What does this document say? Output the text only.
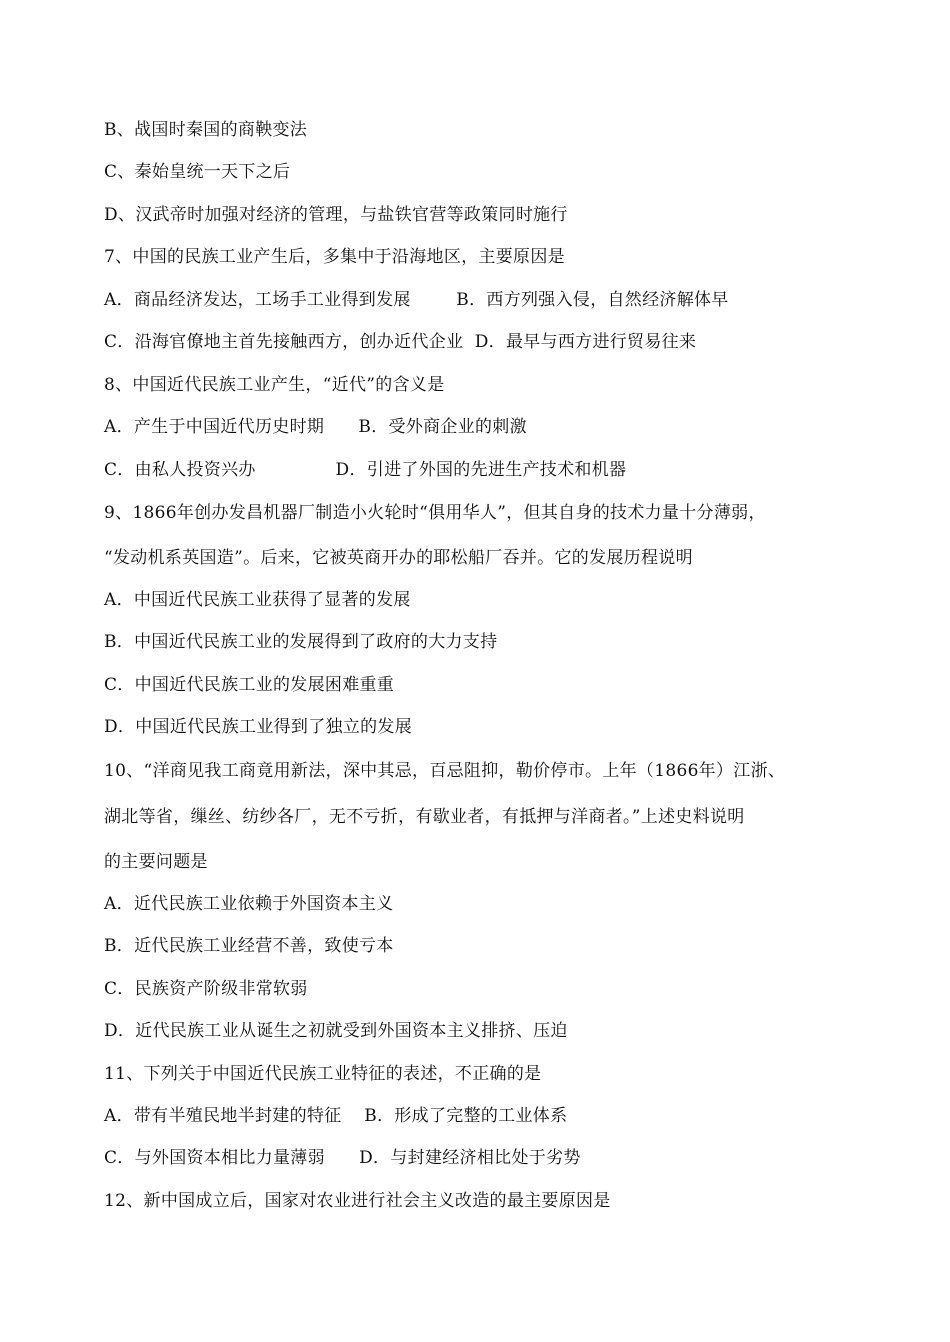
B、战国时秦国的商鞅变法
C、秦始皇统一天下之后
D、汉武帝时加强对经济的管理，与盐铁官营等政策同时施行
7、中国的民族工业产生后，多集中于沿海地区，主要原因是
A．商品经济发达，工场手工业得到发展        B．西方列强入侵，自然经济解体早
C．沿海官僚地主首先接触西方，创办近代企业  D．最早与西方进行贸易往来
8、中国近代民族工业产生，“近代”的含义是
A．产生于中国近代历史时期      B．受外商企业的刺激
C．由私人投资兴办              D．引进了外国的先进生产技术和机器
9、1866年创办发昌机器厂制造小火轮时“俱用华人”，但其自身的技术力量十分薄弱，
“发动机系英国造”。后来，它被英商开办的耶松船厂吞并。它的发展历程说明
A．中国近代民族工业获得了显著的发展
B．中国近代民族工业的发展得到了政府的大力支持
C．中国近代民族工业的发展困难重重
D．中国近代民族工业得到了独立的发展
10、“洋商见我工商竟用新法，深中其忌，百忌阻抑，勒价停市。上年（1866年）江浙、
湖北等省，缫丝、纺纱各厂，无不亏折，有歇业者，有抵押与洋商者。”上述史料说明
的主要问题是
A．近代民族工业依赖于外国资本主义
B．近代民族工业经营不善，致使亏本
C．民族资产阶级非常软弱
D．近代民族工业从诞生之初就受到外国资本主义排挤、压迫
11、下列关于中国近代民族工业特征的表述，不正确的是
A．带有半殖民地半封建的特征    B．形成了完整的工业体系
C．与外国资本相比力量薄弱      D．与封建经济相比处于劣势
12、新中国成立后，国家对农业进行社会主义改造的最主要原因是
